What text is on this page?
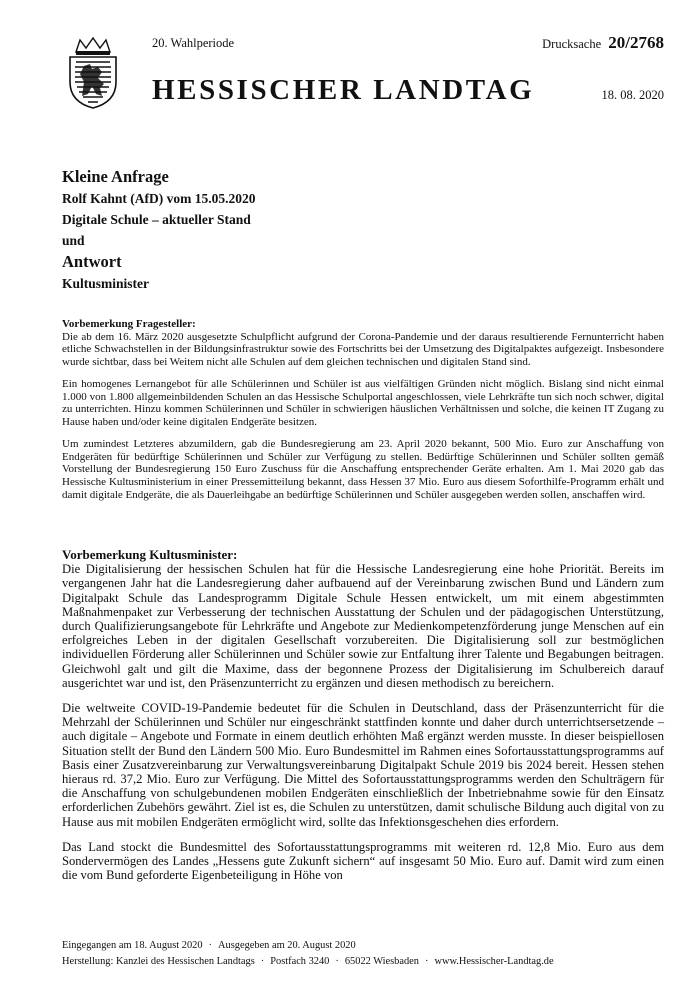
20. Wahlperiode	Drucksache 20/2768
HESSISCHER LANDTAG	18. 08. 2020
Kleine Anfrage
Rolf Kahnt (AfD) vom 15.05.2020
Digitale Schule – aktueller Stand
und
Antwort
Kultusminister
Vorbemerkung Fragesteller:

Die ab dem 16. März 2020 ausgesetzte Schulpflicht aufgrund der Corona-Pandemie und der daraus resultierende Fernunterricht haben etliche Schwachstellen in der Bildungsinfrastruktur sowie des Fortschritts bei der Umsetzung des Digitalpaktes aufgezeigt. Insbesondere wurde sichtbar, dass bei Weitem nicht alle Schulen auf dem gleichen technischen und digitalen Stand sind.

Ein homogenes Lernangebot für alle Schülerinnen und Schüler ist aus vielfältigen Gründen nicht möglich. Bislang sind nicht einmal 1.000 von 1.800 allgemeinbildenden Schulen an das Hessische Schulportal angeschlossen, viele Lehrkräfte tun sich noch schwer, digital zu unterrichten. Hinzu kommen Schülerinnen und Schüler in schwierigen häuslichen Verhältnissen und solche, die keinen IT Zugang zu Hause haben und/oder keine digitalen Endgeräte besitzen.

Um zumindest Letzteres abzumildern, gab die Bundesregierung am 23. April 2020 bekannt, 500 Mio. Euro zur Anschaffung von Endgeräten für bedürftige Schülerinnen und Schüler zur Verfügung zu stellen. Bedürftige Schülerinnen und Schüler sollten gemäß Vorstellung der Bundesregierung 150 Euro Zuschuss für die Anschaffung entsprechender Geräte erhalten. Am 1. Mai 2020 gab das Hessische Kultusministerium in einer Pressemitteilung bekannt, dass Hessen 37 Mio. Euro aus diesem Soforthilfe-Programm erhält und damit digitale Endgeräte, die als Dauerleihgabe an bedürftige Schülerinnen und Schüler ausgegeben werden sollen, anschaffen wird.

Vorbemerkung Kultusminister:

Die Digitalisierung der hessischen Schulen hat für die Hessische Landesregierung eine hohe Priorität. Bereits im vergangenen Jahr hat die Landesregierung daher aufbauend auf der Vereinbarung zwischen Bund und Ländern zum Digitalpakt Schule das Landesprogramm Digitale Schule Hessen entwickelt, um mit einem abgestimmten Maßnahmenpaket zur Verbesserung der technischen Ausstattung der Schulen und der pädagogischen Unterstützung, durch Qualifizierungsangebote für Lehrkräfte und Angebote zur Medienkompetenzförderung junge Menschen auf ein erfolgreiches Leben in der digitalen Gesellschaft vorzubereiten. Die Digitalisierung soll zur bestmöglichen individuellen Förderung aller Schülerinnen und Schüler sowie zur Entfaltung ihrer Talente und Begabungen beitragen. Gleichwohl galt und gilt die Maxime, dass der begonnene Prozess der Digitalisierung im Schulbereich darauf ausgerichtet war und ist, den Präsenzunterricht zu ergänzen und diesen methodisch zu bereichern.

Die weltweite COVID-19-Pandemie bedeutet für die Schulen in Deutschland, dass der Präsenzunterricht für die Mehrzahl der Schülerinnen und Schüler nur eingeschränkt stattfinden konnte und daher durch unterrichtsersetzende – auch digitale – Angebote und Formate in einem deutlich erhöhten Maß ergänzt werden musste. In dieser beispiellosen Situation stellt der Bund den Ländern 500 Mio. Euro Bundesmittel im Rahmen eines Sofortausstattungsprogramms auf Basis einer Zusatzvereinbarung zur Verwaltungsvereinbarung Digitalpakt Schule 2019 bis 2024 bereit. Hessen stehen hieraus rd. 37,2 Mio. Euro zur Verfügung. Die Mittel des Sofortausstattungsprogramms werden den Schulträgern für die Anschaffung von schulgebundenen mobilen Endgeräten einschließlich der Inbetriebnahme sowie für den Einsatz erforderlichen Zubehörs gewährt. Ziel ist es, die Schulen zu unterstützen, damit schulische Bildung auch digital von zu Hause aus mit mobilen Endgeräten ermöglicht wird, sollte das Infektionsgeschehen dies erfordern.

Das Land stockt die Bundesmittel des Sofortausstattungsprogramms mit weiteren rd. 12,8 Mio. Euro aus dem Sondervermögen des Landes „Hessens gute Zukunft sichern“ auf insgesamt 50 Mio. Euro auf. Damit wird zum einen die vom Bund geforderte Eigenbeteiligung in Höhe von

Eingegangen am 18. August 2020 · Ausgegeben am 20. August 2020
Herstellung: Kanzlei des Hessischen Landtags · Postfach 3240 · 65022 Wiesbaden · www.Hessischer-Landtag.de
